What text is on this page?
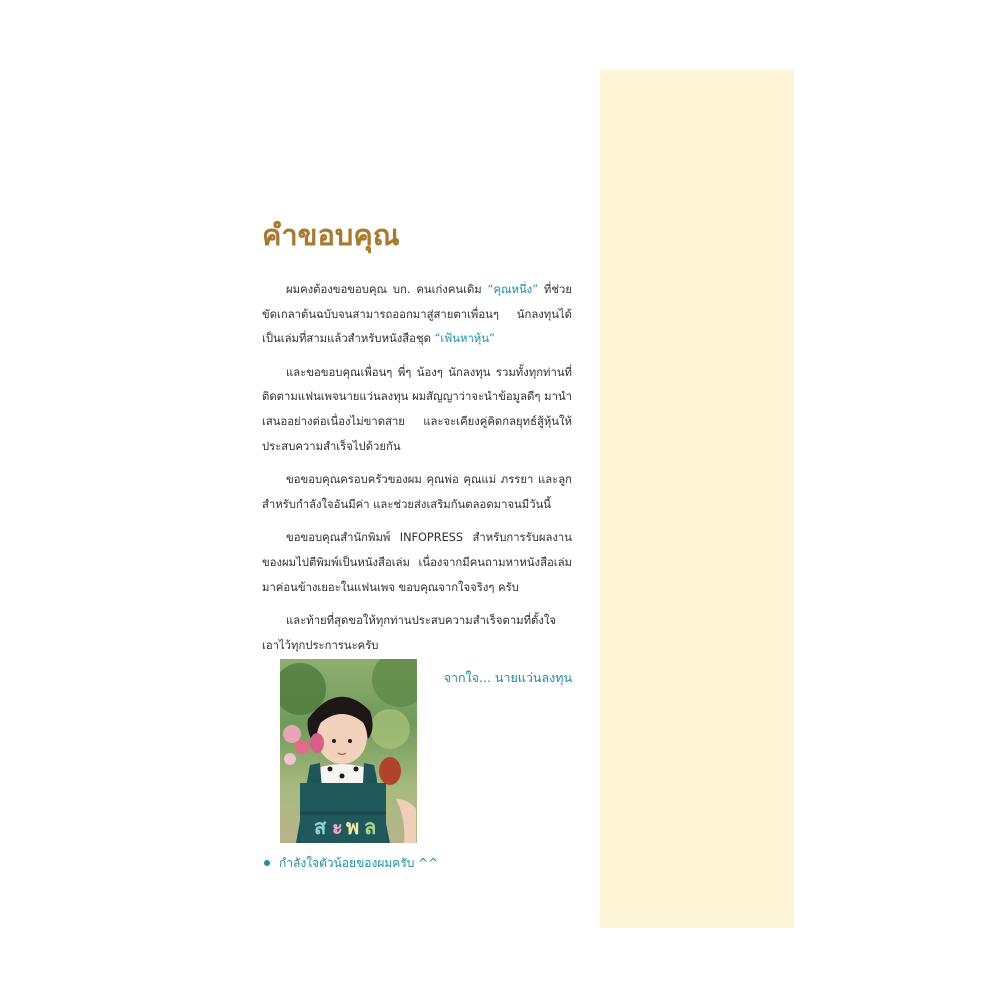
คำขอบคุณ

ผมคงต้องขอขอบคุณ บก. คนเก่งคนเดิม “คุณหนึ่ง” ที่ช่วยขัดเกลาต้นฉบับจนสามารถออกมาสู่สายตาเพื่อนๆ นักลงทุนได้เป็นเล่มที่สามแล้วสำหรับหนังสือชุด “เฟ้นหาหุ้น”

และขอขอบคุณเพื่อนๆ พี่ๆ น้องๆ นักลงทุน รวมทั้งทุกท่านที่ติดตามแฟนเพจนายแว่นลงทุน ผมสัญญาว่าจะนำข้อมูลดีๆ มานำเสนออย่างต่อเนื่องไม่ขาดสาย และจะเคียงคู่คิดกลยุทธ์สู้หุ้นให้ประสบความสำเร็จไปด้วยกัน

ขอขอบคุณครอบครัวของผม คุณพ่อ คุณแม่ ภรรยา และลูก สำหรับกำลังใจอันมีค่า และช่วยส่งเสริมกันตลอดมาจนมีวันนี้

ขอขอบคุณสำนักพิมพ์ INFOPRESS สำหรับการรับผลงานของผมไปตีพิมพ์เป็นหนังสือเล่ม เนื่องจากมีคนถามหาหนังสือเล่มมาค่อนข้างเยอะในแฟนเพจ ขอบคุณจากใจจริงๆ ครับ

และท้ายที่สุดขอให้ทุกท่านประสบความสำเร็จตามที่ตั้งใจเอาไว้ทุกประการนะครับ

จากใจ... นายแว่นลงทุน

ส ะ พ ล
กำลังใจตัวน้อยของผมครับ ^^
